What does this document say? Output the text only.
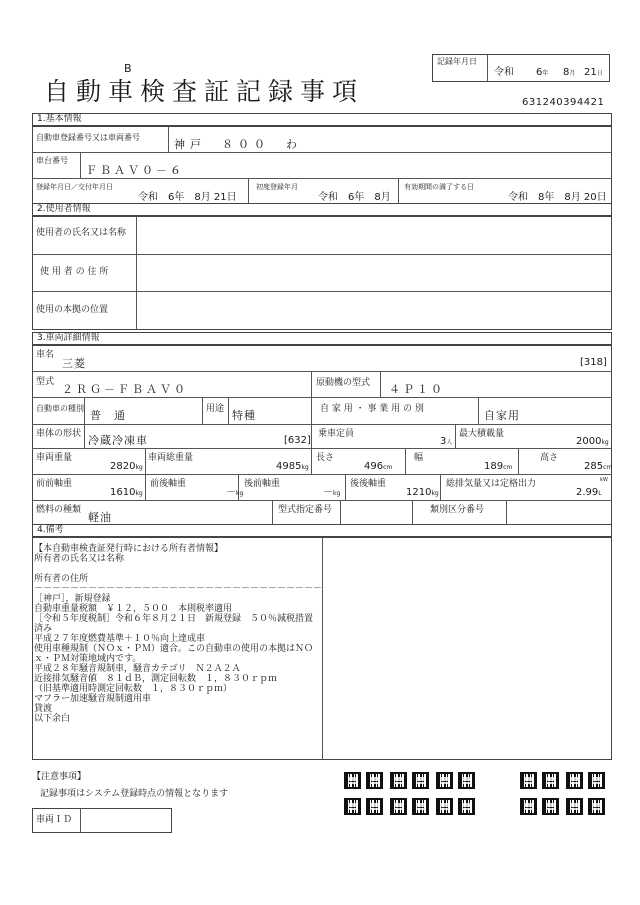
B
自動車検査証記録事項
記録年月日
令和 6年 8月 21日
631240394421
1.基本情報
自動車登録番号又は車両番号
神戸　８００　わ
車台番号
ＦＢＡＶ０－６
登録年月日／交付年月日
令和　6年　8月 21日
初度登録年月
令和　6年　8月
有効期間の満了する日
令和　8年　8月 20日
2.使用者情報
使用者の氏名又は名称
使 用 者 の 住 所
使用の本拠の位置
3.車両詳細情報
車名
三菱	[318]
型式
２ＲＧ－ＦＢＡＶ０	原動機の型式 ４Ｐ１０
自動車の種別
普　通	用途 特種	自 家 用 ・ 事 業 用 の 別	自家用
車体の形状 冷蔵冷凍車	[632]
乗車定員
3人
最大積載量
2000kg
車両重量
2820kg
車両総重量
4985kg
長さ
496cm
幅
189cm
高さ
285cm
前前軸重
1610kg
前後軸重
－kg
後前軸重
－kg
後後軸重
1210kg
総排気量又は定格出力	kW
2.99L
燃料の種類
軽油
型式指定番号	類別区分番号
4.備考
【本自動車検査証発行時における所有者情報】
所有者の氏名又は名称
所有者の住所
－－－－－－－－－－－－－－－－－－－－－－－－－－－－－－－－
［神戸］，新規登録
自動車重量税額　￥１２，５００　本則税率適用
［令和５年度税制］令和６年８月２１日　新規登録　５０％減税措置
済み
平成２７年度燃費基準＋１０％向上達成車
使用車種規制（ＮＯｘ・ＰＭ）適合。この自動車の使用の本拠はＮＯ
ｘ・ＰＭ対策地域内です。
平成２８年騒音規制車，騒音カテゴリ　Ｎ２Ａ２Ａ
近接排気騒音値　８１ｄＢ，測定回転数　１，８３０ｒｐｍ
（旧基準適用時測定回転数　１，８３０ｒｐｍ）
マフラー加速騒音規制適用車
貸渡
以下余白
【注意事項】
記録事項はシステム登録時点の情報となります
車両ＩＤ
